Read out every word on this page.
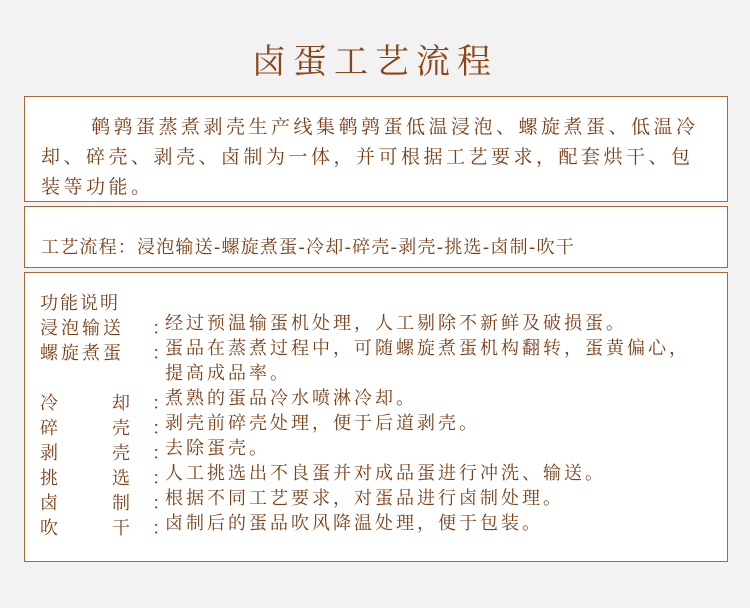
卤蛋工艺流程

鹌鹑蛋蒸煮剥壳生产线集鹌鹑蛋低温浸泡、螺旋煮蛋、低温冷却、碎壳、剥壳、卤制为一体，并可根据工艺要求，配套烘干、包装等功能。

工艺流程：浸泡输送-螺旋煮蛋-冷却-碎壳-剥壳-挑选-卤制-吹干
功能说明
浸泡输送	：
经过预温输蛋机处理，人工剔除不新鲜及破损蛋。
螺旋煮蛋	：
蛋品在蒸煮过程中，可随螺旋煮蛋机构翻转，蛋黄偏心，提高成品率。
冷	却 ：
煮熟的蛋品冷水喷淋冷却。
碎	壳 ：
剥壳前碎壳处理，便于后道剥壳。
剥	壳 ：
去除蛋壳。
挑	选 ：
人工挑选出不良蛋并对成品蛋进行冲洗、输送。
卤	制 ：
根据不同工艺要求，对蛋品进行卤制处理。
吹	干 ：
卤制后的蛋品吹风降温处理，便于包装。
